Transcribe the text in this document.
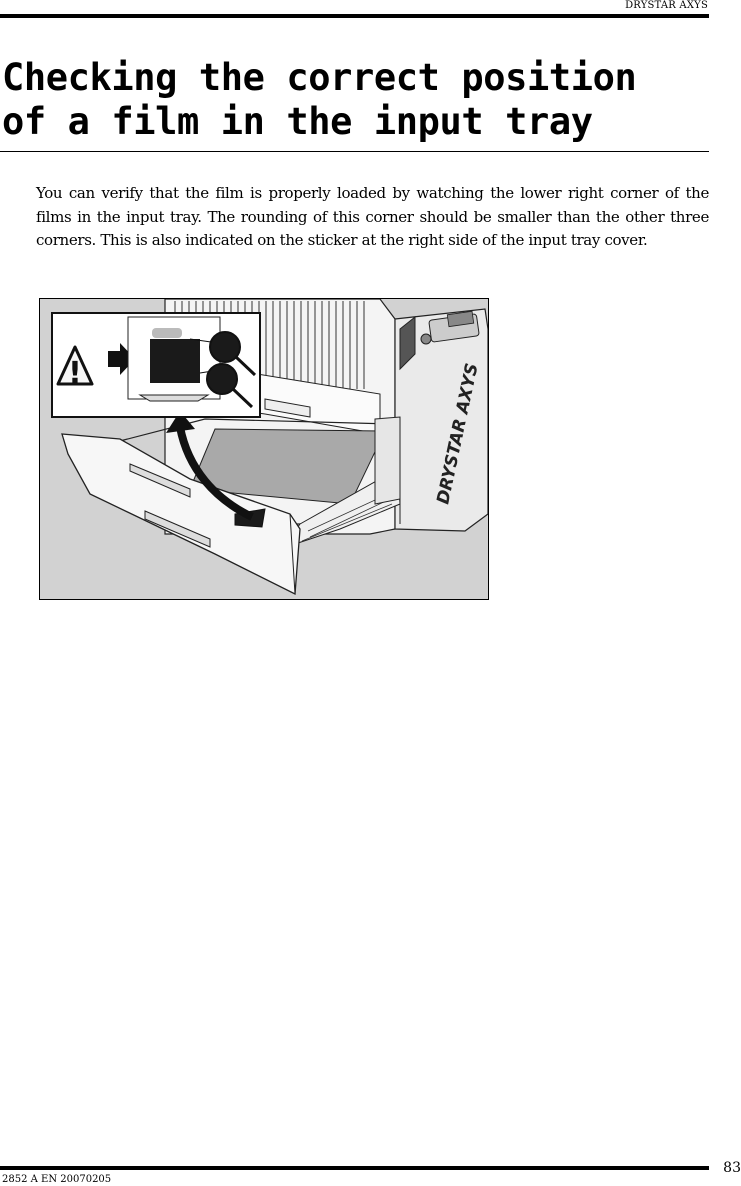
DRYSTAR AXYS
Checking the correct position of a film in the input tray

You can verify that the film is properly loaded by watching the lower right corner of the films in the input tray. The rounding of this corner should be smaller than the other three corners. This is also indicated on the sticker at the right side of the input tray cover.

DRYSTAR AXYS
!
83
2852 A EN 20070205
